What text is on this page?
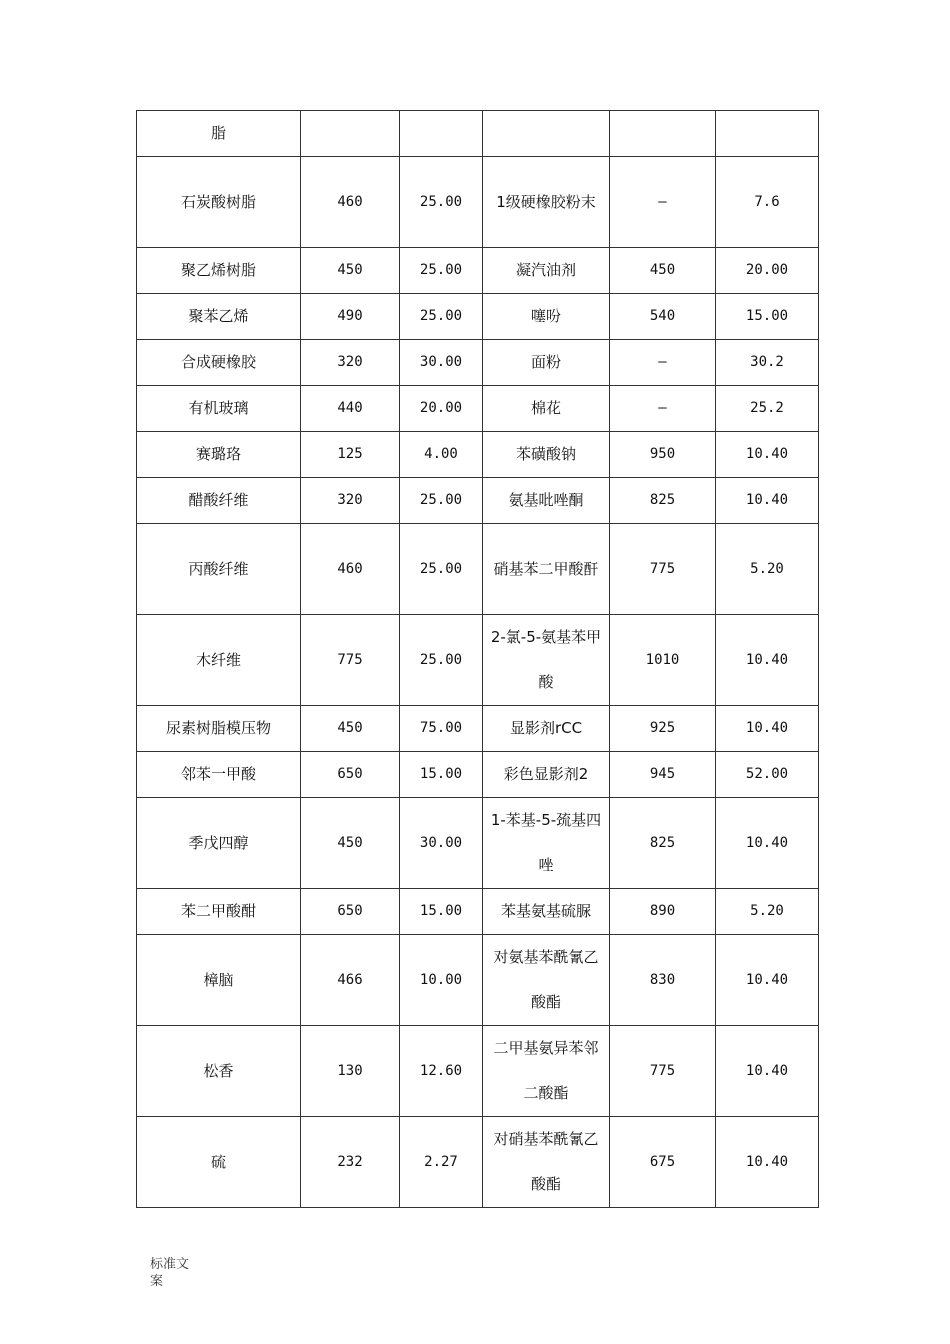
脂					
石炭酸树脂	460	25.00	1级硬橡胶粉末	—	7.6
聚乙烯树脂	450	25.00	凝汽油剂	450	20.00
聚苯乙烯	490	25.00	噻吩	540	15.00
合成硬橡胶	320	30.00	面粉	—	30.2
有机玻璃	440	20.00	棉花	—	25.2
赛璐珞	125	4.00	苯磺酸钠	950	10.40
醋酸纤维	320	25.00	氨基吡唑酮	825	10.40
丙酸纤维	460	25.00	硝基苯二甲酸酐	775	5.20
木纤维	775	25.00	2-氯-5-氨基苯甲酸	1010	10.40
尿素树脂模压物	450	75.00	显影剂rCC	925	10.40
邻苯一甲酸	650	15.00	彩色显影剂2	945	52.00
季戊四醇	450	30.00	1-苯基-5-巯基四唑	825	10.40
苯二甲酸酣	650	15.00	苯基氨基硫脲	890	5.20
樟脑	466	10.00	对氨基苯酰氰乙酸酯	830	10.40
松香	130	12.60	二甲基氨异苯邻二酸酯	775	10.40
硫	232	2.27	对硝基苯酰氰乙酸酯	675	10.40
标准文案
